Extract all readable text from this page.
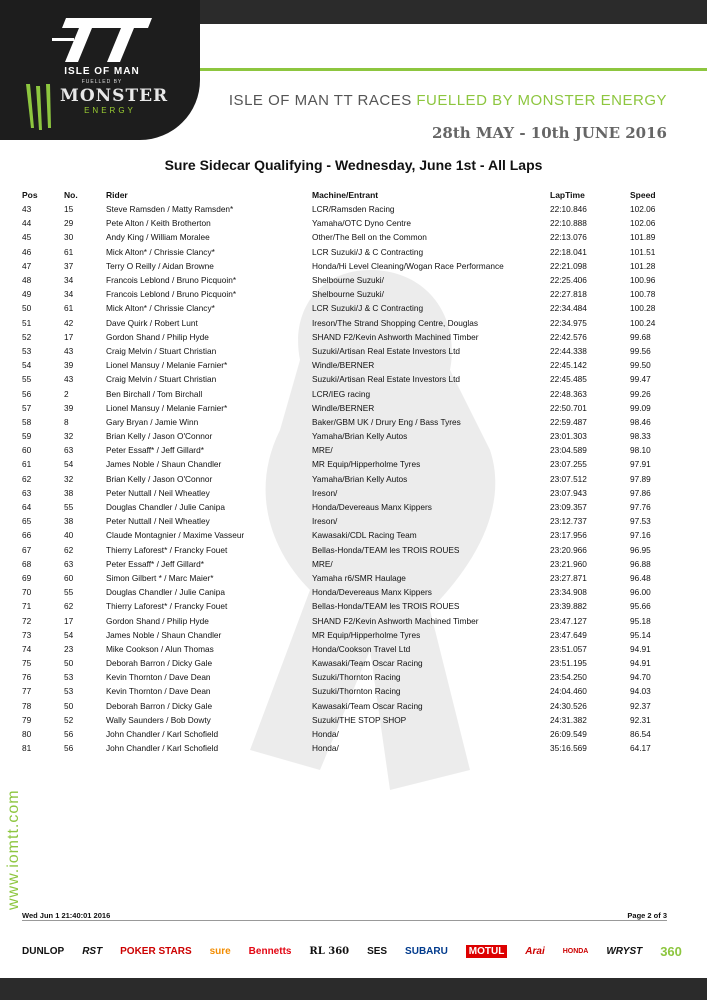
ISLE OF MAN
FUELLED BY
MONSTER
ENERGY
ISLE OF MAN TT RACES FUELLED BY MONSTER ENERGY
28th MAY - 10th JUNE 2016
Sure Sidecar Qualifying - Wednesday, June 1st - All Laps
Pos	No.	Rider	Machine/Entrant	LapTime	Speed
43	15	Steve Ramsden / Matty Ramsden*	LCR/Ramsden Racing	22:10.846	102.06
44	29	Pete Alton / Keith Brotherton	Yamaha/OTC Dyno Centre	22:10.888	102.06
45	30	Andy King / William Moralee	Other/The Bell on the Common	22:13.076	101.89
46	61	Mick Alton* / Chrissie Clancy*	LCR Suzuki/J & C Contracting	22:18.041	101.51
47	37	Terry O Reilly / Aidan Browne	Honda/Hi Level Cleaning/Wogan Race Performance	22:21.098	101.28
48	34	Francois Leblond / Bruno Picquoin*	Shelbourne Suzuki/	22:25.406	100.96
49	34	Francois Leblond / Bruno Picquoin*	Shelbourne Suzuki/	22:27.818	100.78
50	61	Mick Alton* / Chrissie Clancy*	LCR Suzuki/J & C Contracting	22:34.484	100.28
51	42	Dave Quirk / Robert Lunt	Ireson/The Strand Shopping Centre, Douglas	22:34.975	100.24
52	17	Gordon Shand / Philip Hyde	SHAND F2/Kevin Ashworth Machined Timber	22:42.576	99.68
53	43	Craig Melvin / Stuart Christian	Suzuki/Artisan Real Estate Investors Ltd	22:44.338	99.56
54	39	Lionel Mansuy / Melanie Farnier*	Windle/BERNER	22:45.142	99.50
55	43	Craig Melvin / Stuart Christian	Suzuki/Artisan Real Estate Investors Ltd	22:45.485	99.47
56	2	Ben Birchall / Tom Birchall	LCR/IEG racing	22:48.363	99.26
57	39	Lionel Mansuy / Melanie Farnier*	Windle/BERNER	22:50.701	99.09
58	8	Gary Bryan / Jamie Winn	Baker/GBM UK / Drury Eng / Bass Tyres	22:59.487	98.46
59	32	Brian Kelly / Jason O'Connor	Yamaha/Brian Kelly Autos	23:01.303	98.33
60	63	Peter Essaff* / Jeff Gillard*	MRE/	23:04.589	98.10
61	54	James Noble / Shaun Chandler	MR Equip/Hipperholme Tyres	23:07.255	97.91
62	32	Brian Kelly / Jason O'Connor	Yamaha/Brian Kelly Autos	23:07.512	97.89
63	38	Peter Nuttall / Neil Wheatley	Ireson/	23:07.943	97.86
64	55	Douglas Chandler / Julie Canipa	Honda/Devereaus Manx Kippers	23:09.357	97.76
65	38	Peter Nuttall / Neil Wheatley	Ireson/	23:12.737	97.53
66	40	Claude Montagnier / Maxime Vasseur	Kawasaki/CDL Racing Team	23:17.956	97.16
67	62	Thierry Laforest* / Francky Fouet	Bellas-Honda/TEAM les TROIS ROUES	23:20.966	96.95
68	63	Peter Essaff* / Jeff Gillard*	MRE/	23:21.960	96.88
69	60	Simon Gilbert * / Marc Maier*	Yamaha r6/SMR Haulage	23:27.871	96.48
70	55	Douglas Chandler / Julie Canipa	Honda/Devereaus Manx Kippers	23:34.908	96.00
71	62	Thierry Laforest* / Francky Fouet	Bellas-Honda/TEAM les TROIS ROUES	23:39.882	95.66
72	17	Gordon Shand / Philip Hyde	SHAND F2/Kevin Ashworth Machined Timber	23:47.127	95.18
73	54	James Noble / Shaun Chandler	MR Equip/Hipperholme Tyres	23:47.649	95.14
74	23	Mike Cookson / Alun Thomas	Honda/Cookson Travel Ltd	23:51.057	94.91
75	50	Deborah Barron / Dicky Gale	Kawasaki/Team Oscar Racing	23:51.195	94.91
76	53	Kevin Thornton / Dave Dean	Suzuki/Thornton Racing	23:54.250	94.70
77	53	Kevin Thornton / Dave Dean	Suzuki/Thornton Racing	24:04.460	94.03
78	50	Deborah Barron / Dicky Gale	Kawasaki/Team Oscar Racing	24:30.526	92.37
79	52	Wally Saunders / Bob Dowty	Suzuki/THE STOP SHOP	24:31.382	92.31
80	56	John Chandler / Karl Schofield	Honda/	26:09.549	86.54
81	56	John Chandler / Karl Schofield	Honda/	35:16.569	64.17
www.iomtt.com
Wed Jun 1 21:40:01 2016	Page 2 of 3
DUNLOP RST POKER STARS sure Bennetts RL 360 SES SUBARU	MOTUL	Arai	HONDA WRYST 360
